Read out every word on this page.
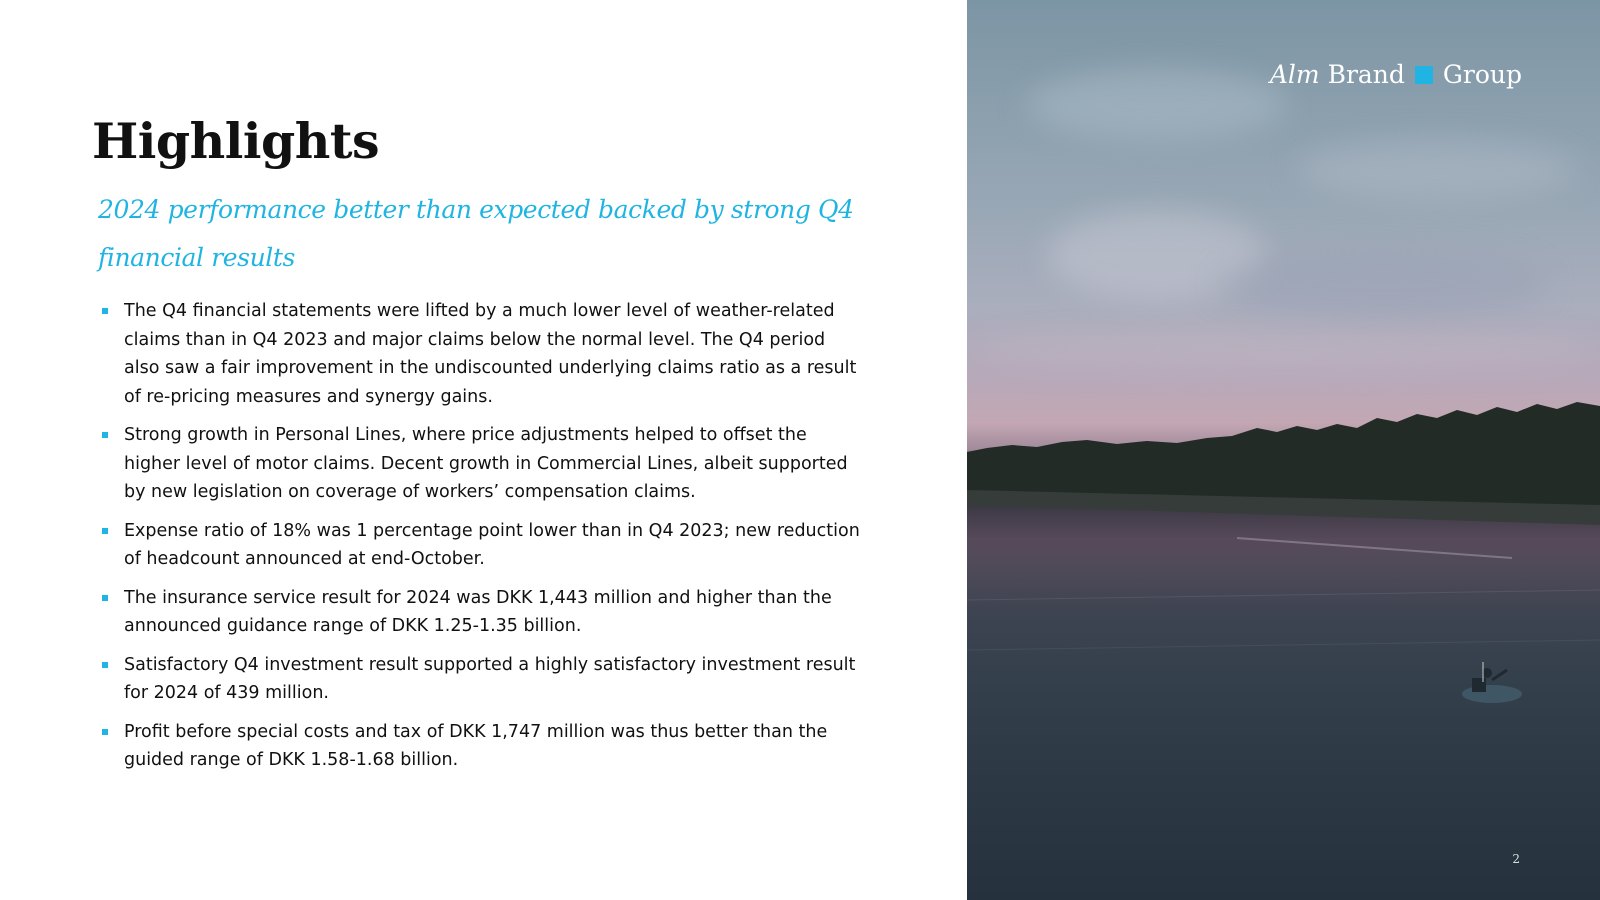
Highlights

2024 performance better than expected backed by strong Q4 financial results

The Q4 financial statements were lifted by a much lower level of weather-related claims than in Q4 2023 and major claims below the normal level. The Q4 period also saw a fair improvement in the undiscounted underlying claims ratio as a result of re-pricing measures and synergy gains.
Strong growth in Personal Lines, where price adjustments helped to offset the higher level of motor claims. Decent growth in Commercial Lines, albeit supported by new legislation on coverage of workers’ compensation claims.
Expense ratio of 18% was 1 percentage point lower than in Q4 2023; new reduction of headcount announced at end-October.
The insurance service result for 2024 was DKK 1,443 million and higher than the announced guidance range of DKK 1.25-1.35 billion.
Satisfactory Q4 investment result supported a highly satisfactory investment result for 2024 of 439 million.
Profit before special costs and tax of DKK 1,747 million was thus better than the guided range of DKK 1.58-1.68 billion.
Alm Brand Group
2
